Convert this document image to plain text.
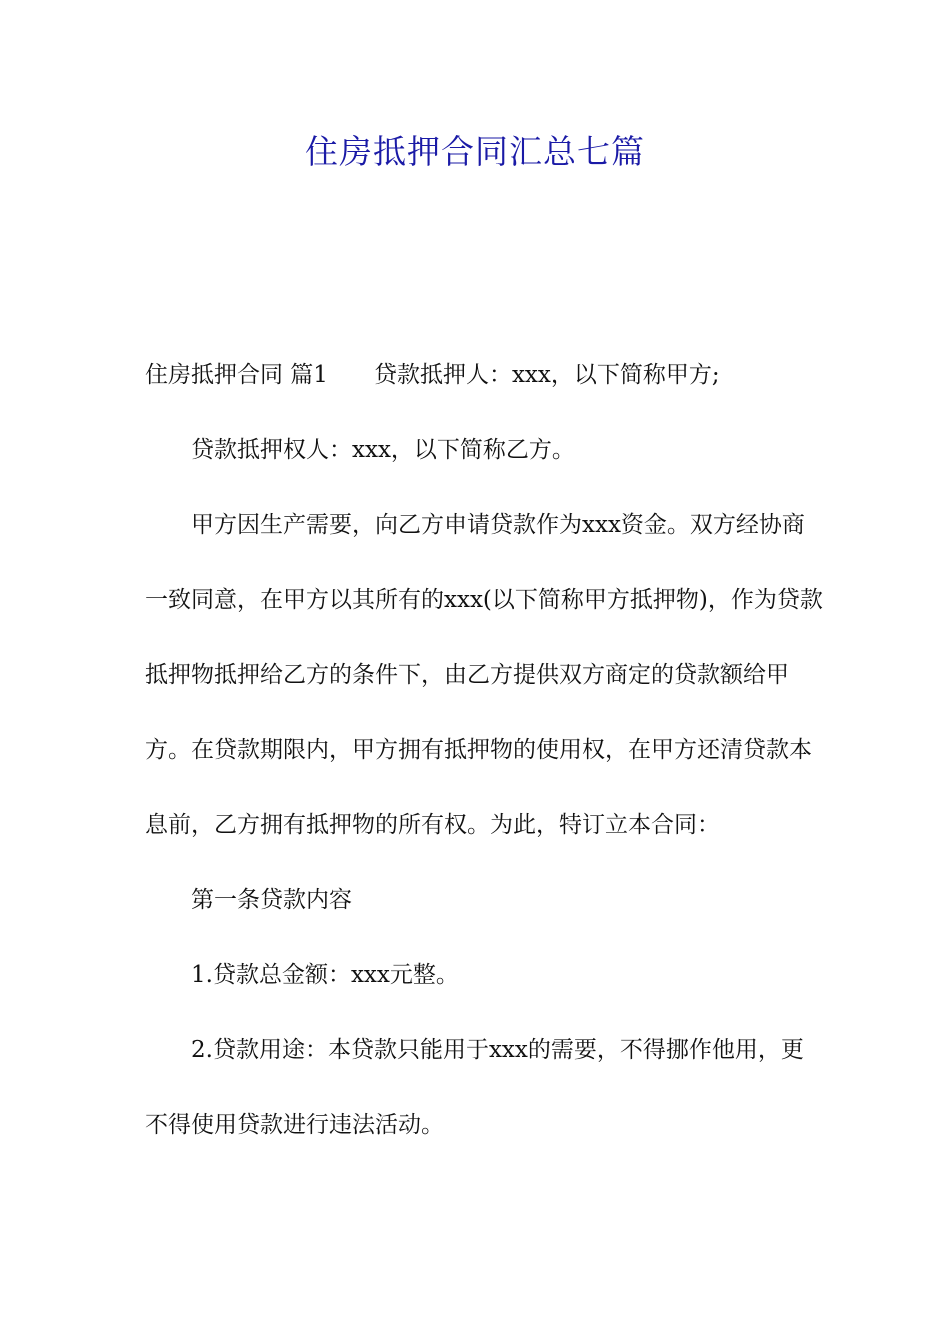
住房抵押合同汇总七篇

住房抵押合同 篇1 贷款抵押人：xxx，以下简称甲方;

贷款抵押权人：xxx，以下简称乙方。

甲方因生产需要，向乙方申请贷款作为xxx资金。双方经协商一致同意，在甲方以其所有的xxx(以下简称甲方抵押物)，作为贷款抵押物抵押给乙方的条件下，由乙方提供双方商定的贷款额给甲方。在贷款期限内，甲方拥有抵押物的使用权，在甲方还清贷款本息前，乙方拥有抵押物的所有权。为此，特订立本合同：

第一条贷款内容

1.贷款总金额：xxx元整。

2.贷款用途：本贷款只能用于xxx的需要，不得挪作他用，更不得使用贷款进行违法活动。
